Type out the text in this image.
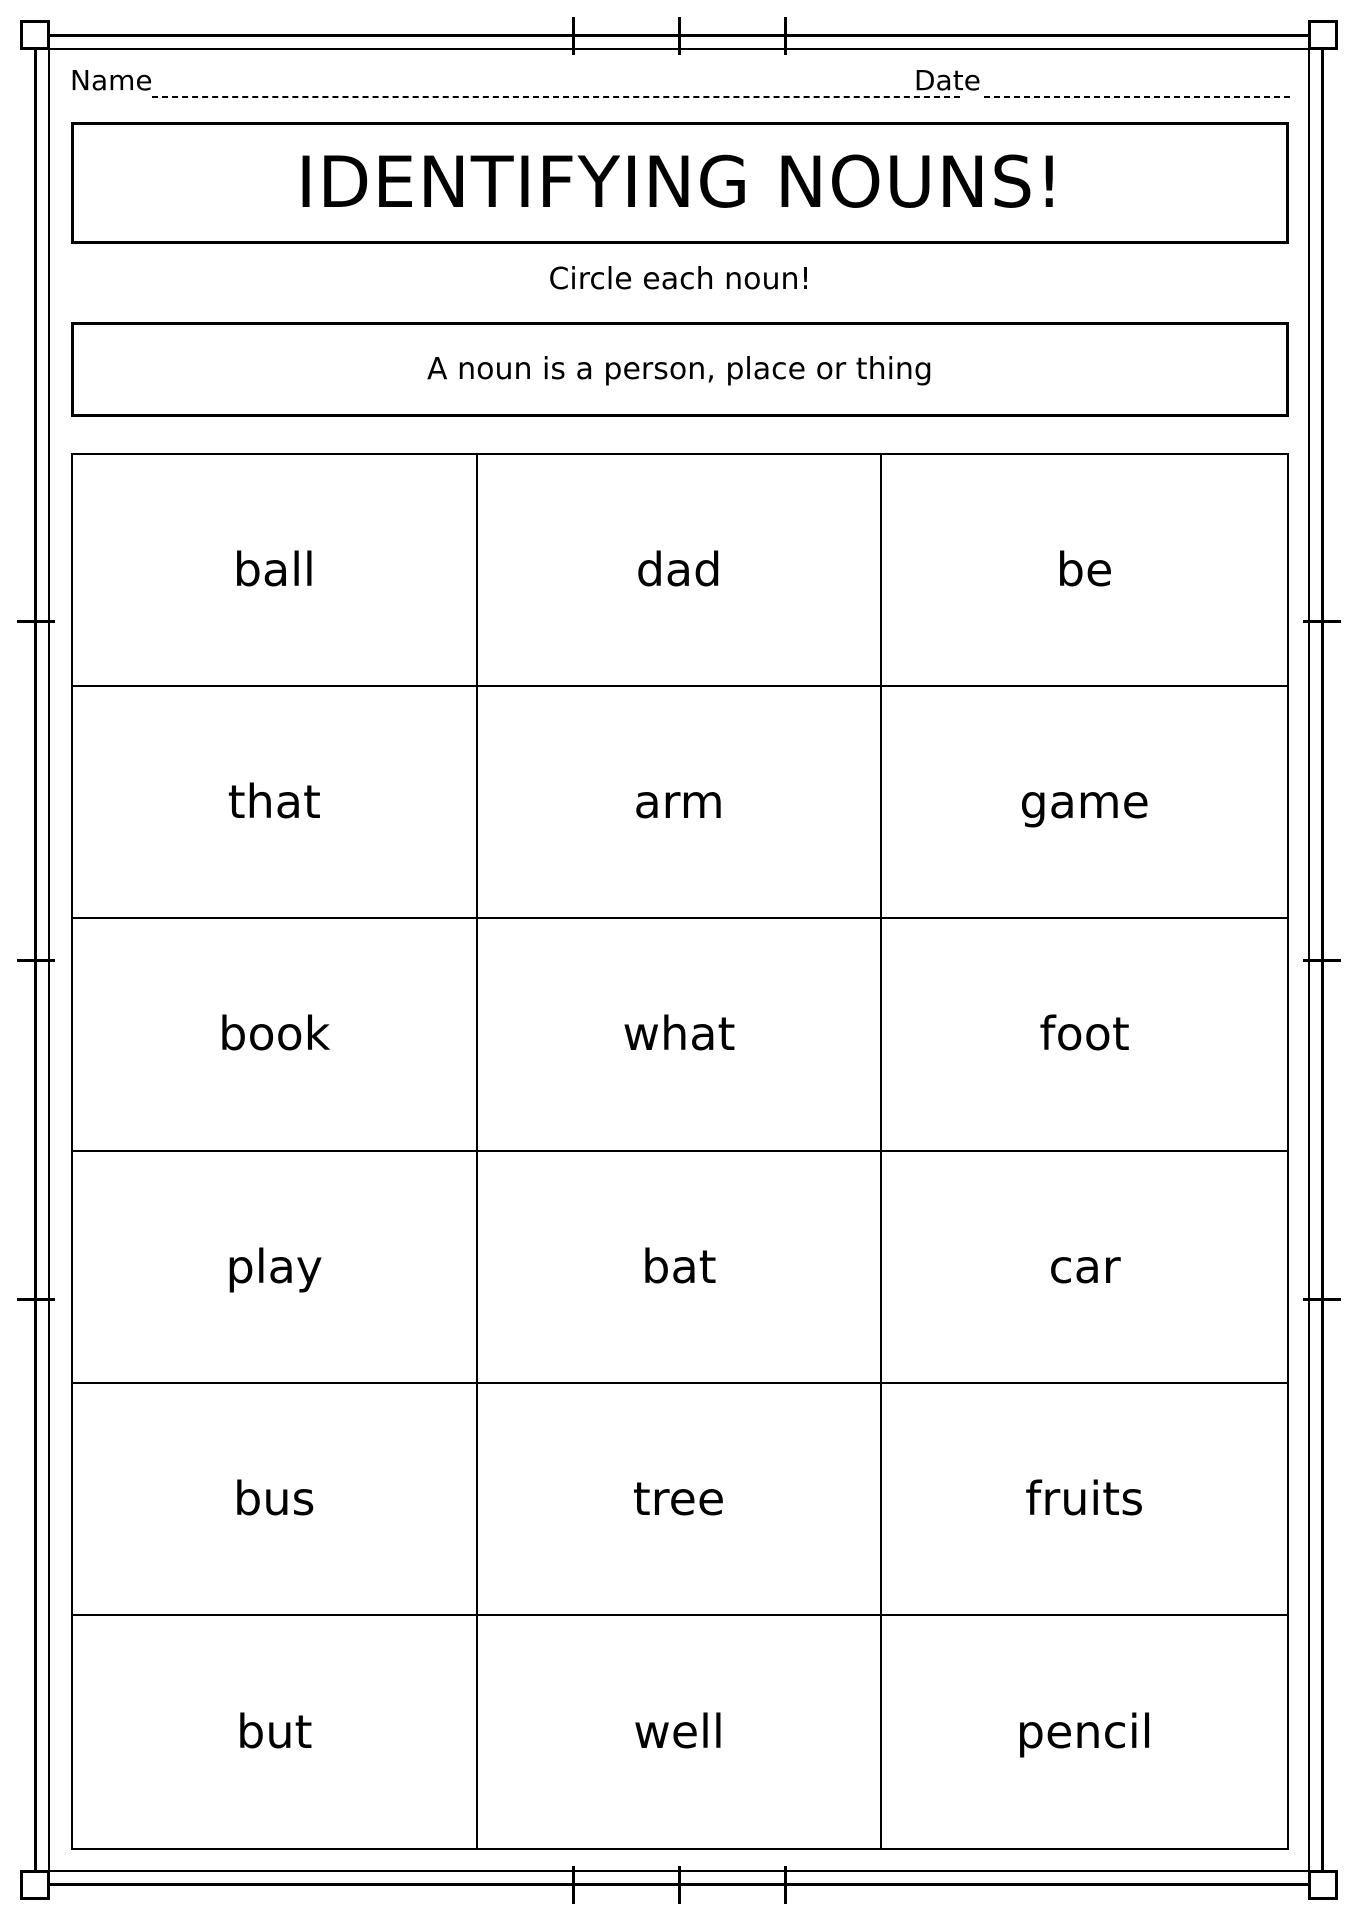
Name	Date
IDENTIFYING NOUNS!
Circle each noun!
A noun is a person, place or thing
ball	dad	be
that	arm	game
book	what	foot
play	bat	car
bus	tree	fruits
but	well	pencil
